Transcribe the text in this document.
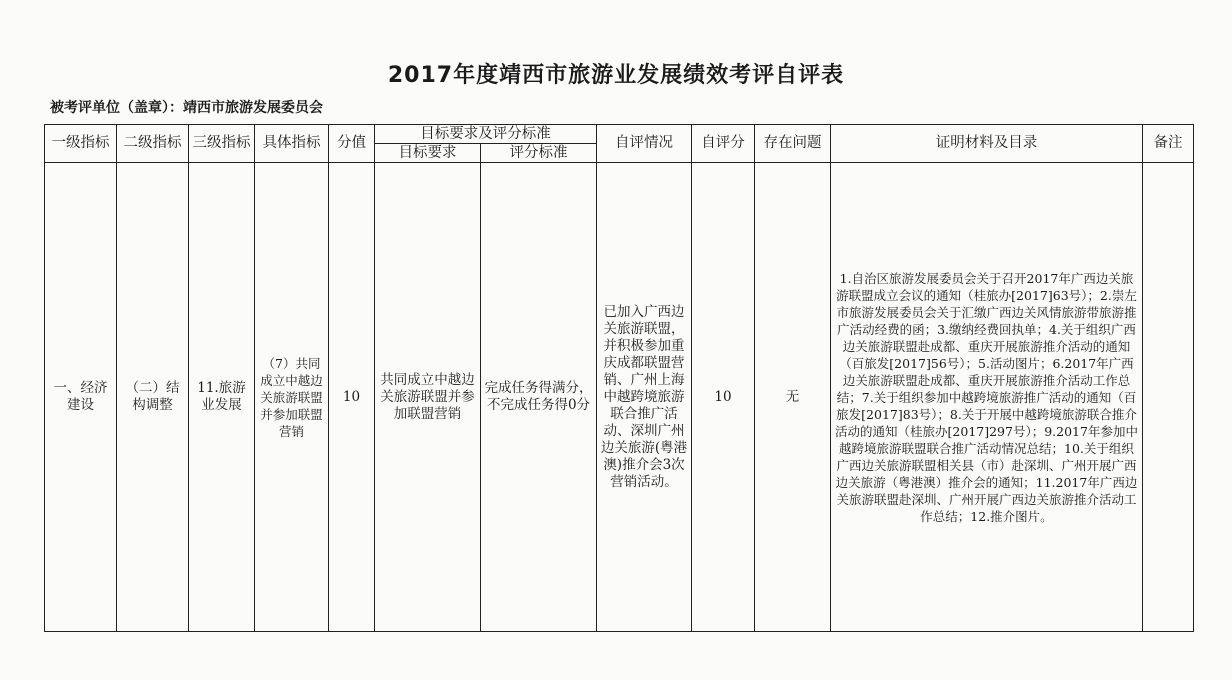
2017年度靖西市旅游业发展绩效考评自评表
被考评单位（盖章）：靖西市旅游发展委员会
一级指标	二级指标	三级指标	具体指标	分值	目标要求及评分标准		自评情况	自评分	存在问题	证明材料及目录	备注
					目标要求	评分标准					
一、经济建设	（二）结构调整	11.旅游业发展	（7）共同成立中越边关旅游联盟并参加联盟营销	10	共同成立中越边关旅游联盟并参加联盟营销	完成任务得满分，不完成任务得0分	已加入广西边关旅游联盟，并积极参加重庆成都联盟营销、广州上海中越跨境旅游联合推广活动、深圳广州边关旅游(粤港澳)推介会3次营销活动。	10	无	1.自治区旅游发展委员会关于召开2017年广西边关旅游联盟成立会议的通知（桂旅办[2017]63号）；2.崇左市旅游发展委员会关于汇缴广西边关风情旅游带旅游推广活动经费的函；3.缴纳经费回执单；4.关于组织广西边关旅游联盟赴成都、重庆开展旅游推介活动的通知（百旅发[2017]56号）；5.活动图片；6.2017年广西边关旅游联盟赴成都、重庆开展旅游推介活动工作总结；7.关于组织参加中越跨境旅游推广活动的通知（百旅发[2017]83号）；8.关于开展中越跨境旅游联合推介活动的通知（桂旅办[2017]297号）；9.2017年参加中越跨境旅游联盟联合推广活动情况总结；10.关于组织广西边关旅游联盟相关县（市）赴深圳、广州开展广西边关旅游（粤港澳）推介会的通知；11.2017年广西边关旅游联盟赴深圳、广州开展广西边关旅游推介活动工作总结；12.推介图片。	
